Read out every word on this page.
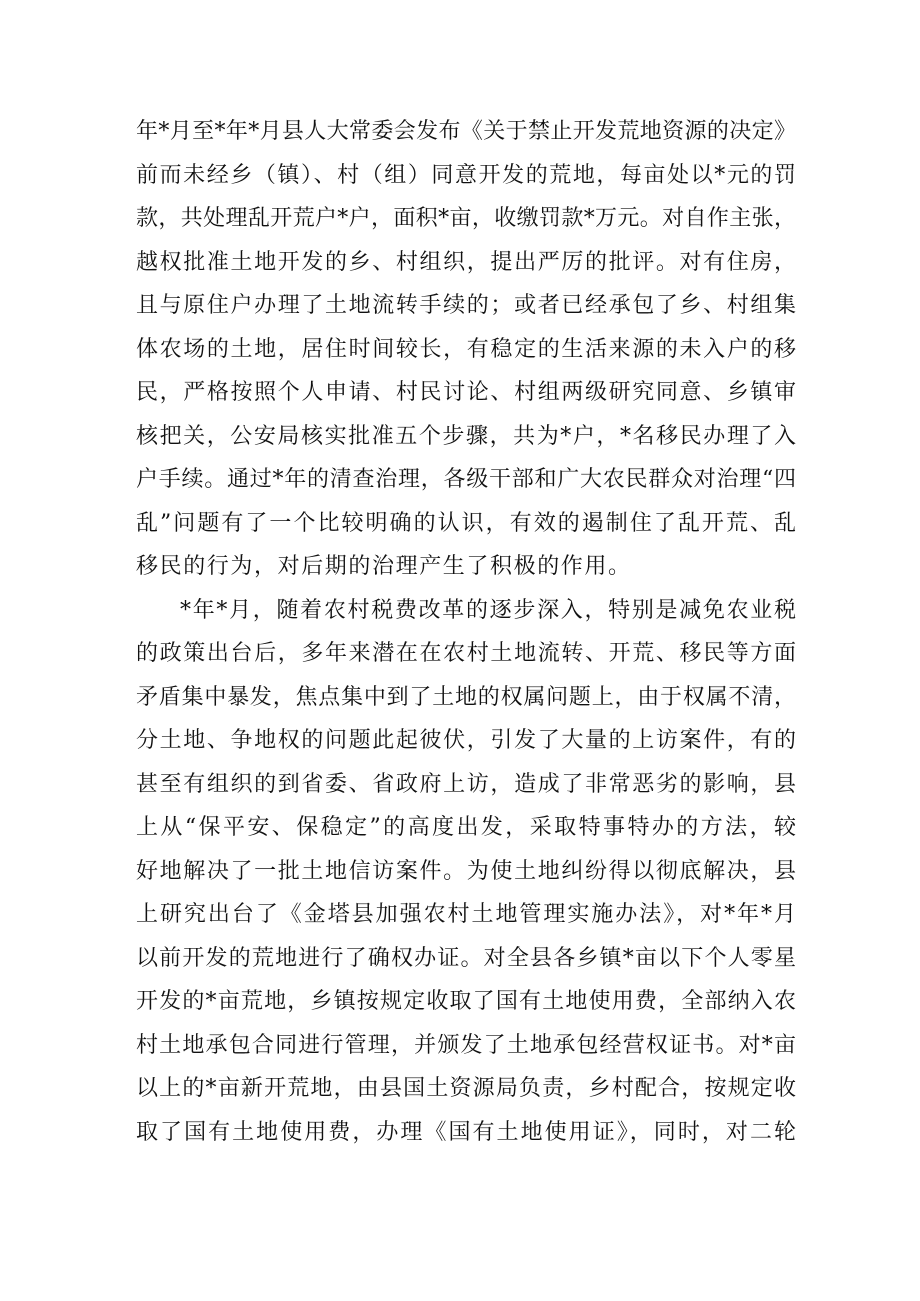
年*月至*年*月县人大常委会发布《关于禁止开发荒地资源的决定》
前而未经乡（镇）、村（组）同意开发的荒地，每亩处以*元的罚
款，共处理乱开荒户*户，面积*亩，收缴罚款*万元。对自作主张，
越权批准土地开发的乡、村组织，提出严厉的批评。对有住房，
且与原住户办理了土地流转手续的；或者已经承包了乡、村组集
体农场的土地，居住时间较长，有稳定的生活来源的未入户的移
民，严格按照个人申请、村民讨论、村组两级研究同意、乡镇审
核把关，公安局核实批准五个步骤，共为*户，*名移民办理了入
户手续。通过*年的清查治理，各级干部和广大农民群众对治理“四
乱”问题有了一个比较明确的认识，有效的遏制住了乱开荒、乱
移民的行为，对后期的治理产生了积极的作用。
*年*月，随着农村税费改革的逐步深入，特别是减免农业税
的政策出台后，多年来潜在在农村土地流转、开荒、移民等方面
矛盾集中暴发，焦点集中到了土地的权属问题上，由于权属不清，
分土地、争地权的问题此起彼伏，引发了大量的上访案件，有的
甚至有组织的到省委、省政府上访，造成了非常恶劣的影响，县
上从“保平安、保稳定”的高度出发，采取特事特办的方法，较
好地解决了一批土地信访案件。为使土地纠纷得以彻底解决，县
上研究出台了《金塔县加强农村土地管理实施办法》，对*年*月
以前开发的荒地进行了确权办证。对全县各乡镇*亩以下个人零星
开发的*亩荒地，乡镇按规定收取了国有土地使用费，全部纳入农
村土地承包合同进行管理，并颁发了土地承包经营权证书。对*亩
以上的*亩新开荒地，由县国土资源局负责，乡村配合，按规定收
取了国有土地使用费，办理《国有土地使用证》，同时，对二轮
